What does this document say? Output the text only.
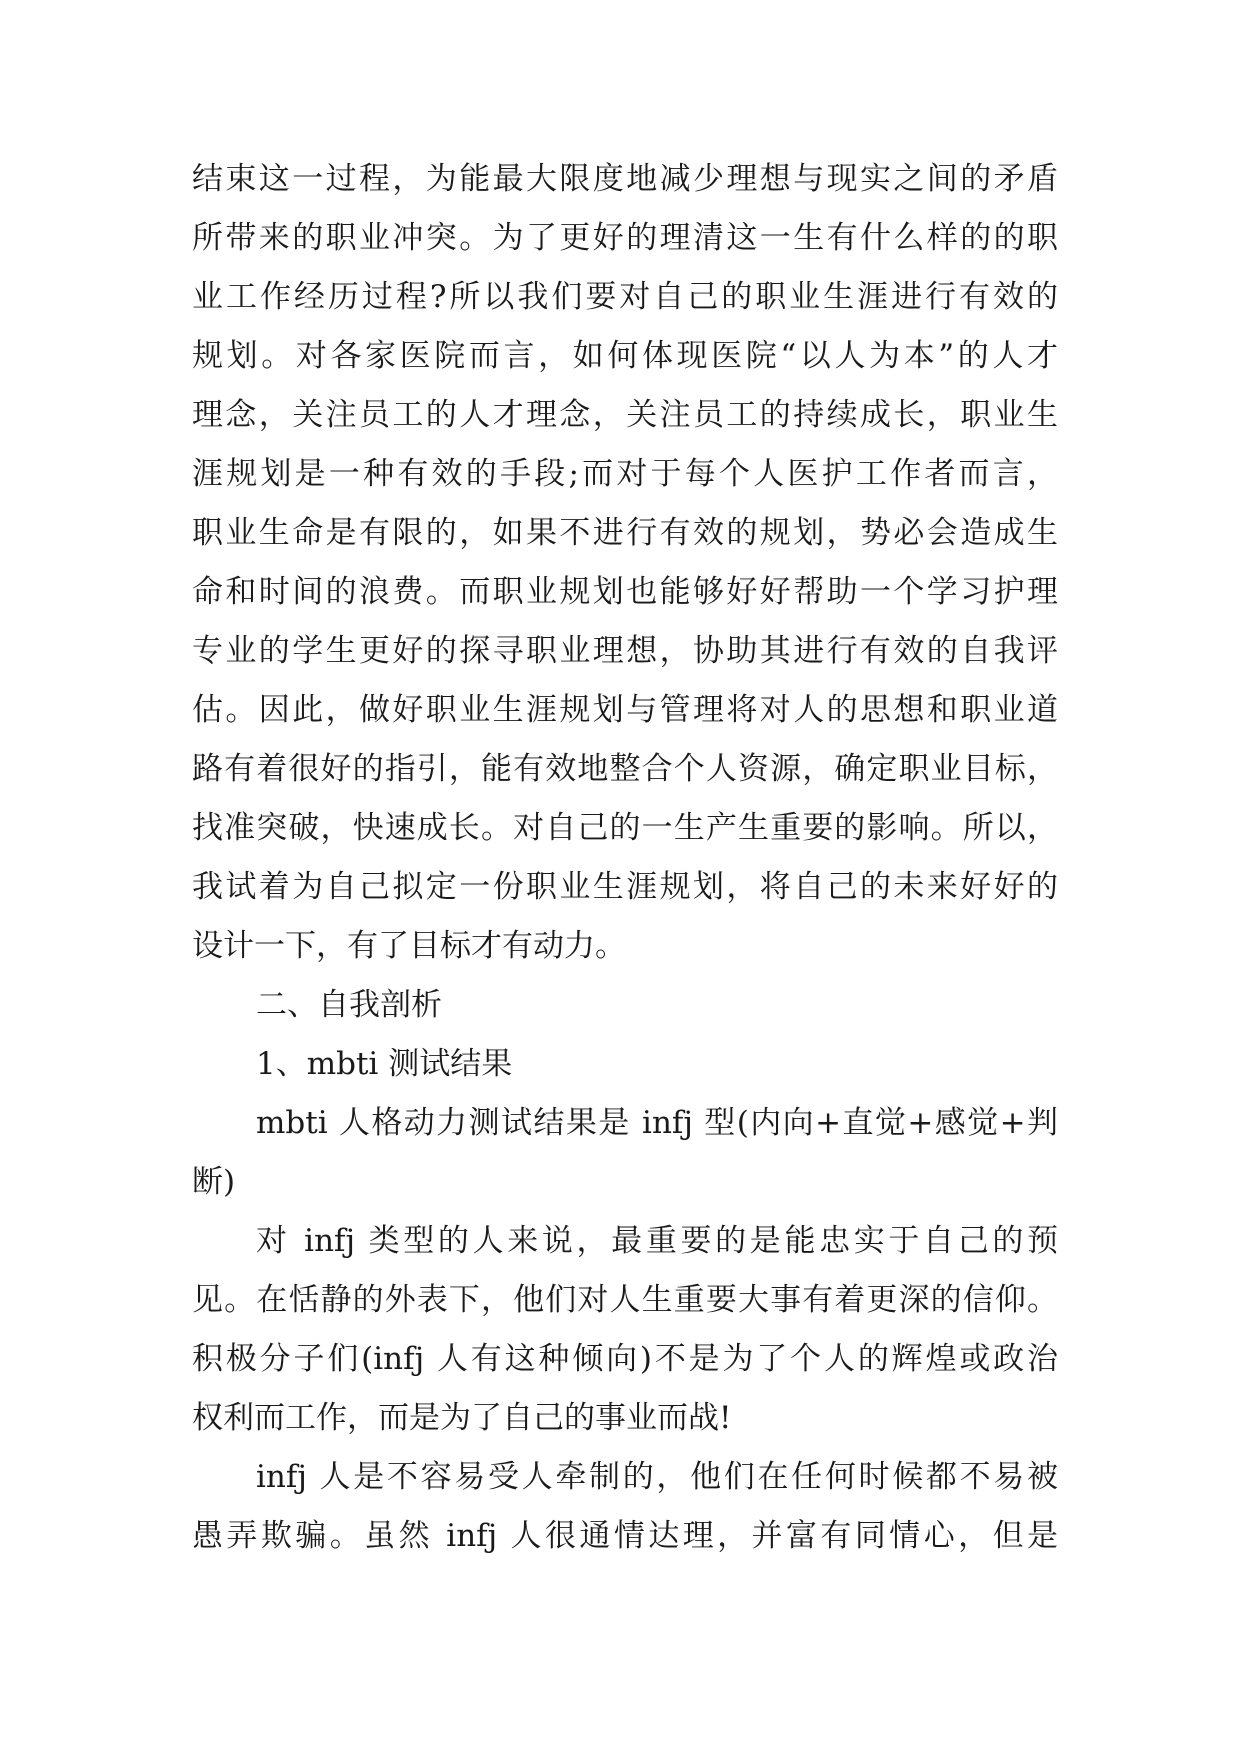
结束这一过程，为能最大限度地减少理想与现实之间的矛盾

所带来的职业冲突。为了更好的理清这一生有什么样的的职

业工作经历过程?所以我们要对自己的职业生涯进行有效的

规划。对各家医院而言，如何体现医院“以人为本”的人才

理念，关注员工的人才理念，关注员工的持续成长，职业生

涯规划是一种有效的手段;而对于每个人医护工作者而言，

职业生命是有限的，如果不进行有效的规划，势必会造成生

命和时间的浪费。而职业规划也能够好好帮助一个学习护理

专业的学生更好的探寻职业理想，协助其进行有效的自我评

估。因此，做好职业生涯规划与管理将对人的思想和职业道

路有着很好的指引，能有效地整合个人资源，确定职业目标，

找准突破，快速成长。对自己的一生产生重要的影响。所以，

我试着为自己拟定一份职业生涯规划，将自己的未来好好的

设计一下，有了目标才有动力。

二、自我剖析

1、mbti 测试结果

mbti 人格动力测试结果是 infj 型(内向+直觉+感觉+判

断)

对 infj 类型的人来说，最重要的是能忠实于自己的预

见。在恬静的外表下，他们对人生重要大事有着更深的信仰。

积极分子们(infj 人有这种倾向)不是为了个人的辉煌或政治

权利而工作，而是为了自己的事业而战!

infj 人是不容易受人牵制的，他们在任何时候都不易被

愚弄欺骗。虽然 infj 人很通情达理，并富有同情心，但是
